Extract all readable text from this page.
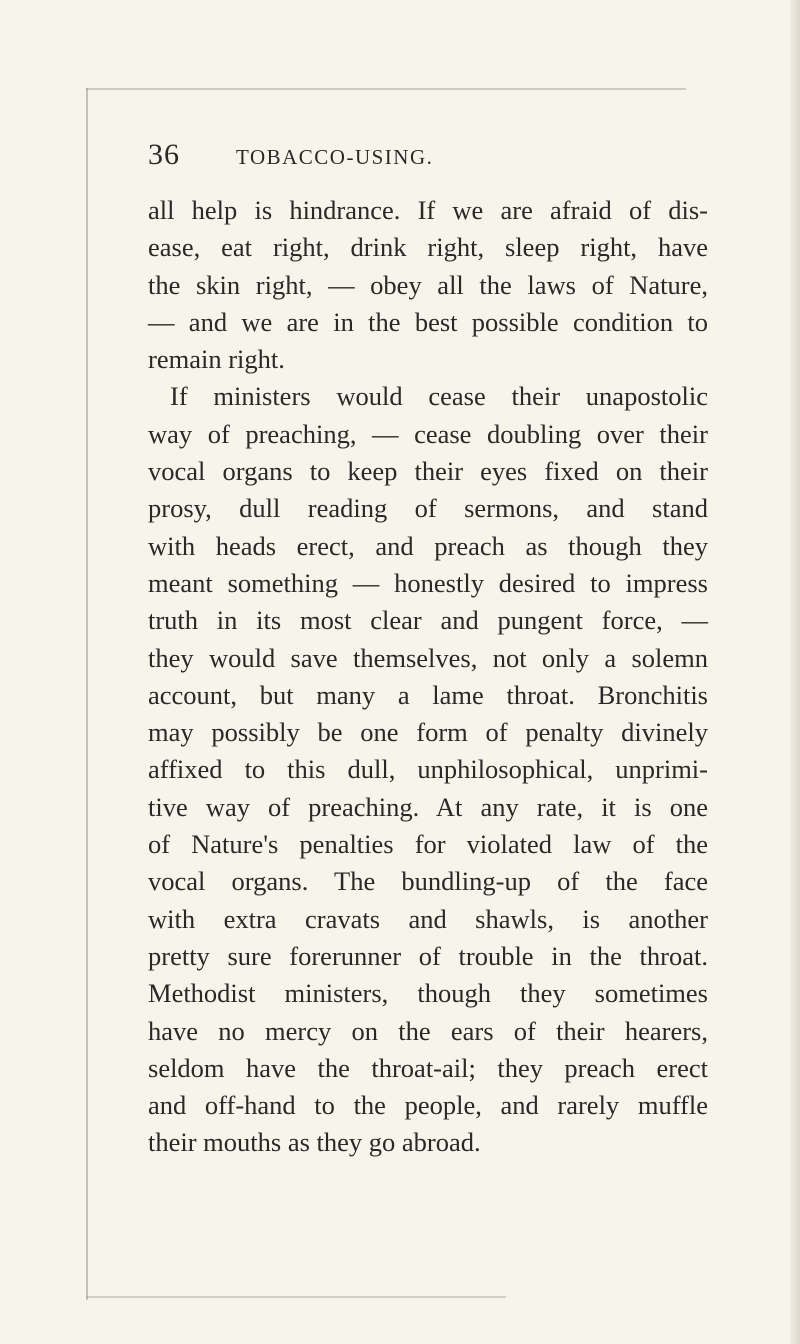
36	TOBACCO-USING.
all help is hindrance. If we are afraid of dis-
ease, eat right, drink right, sleep right, have
the skin right, — obey all the laws of Nature,
— and we are in the best possible condition to
remain right.
If ministers would cease their unapostolic
way of preaching, — cease doubling over their
vocal organs to keep their eyes fixed on their
prosy, dull reading of sermons, and stand
with heads erect, and preach as though they
meant something — honestly desired to impress
truth in its most clear and pungent force, —
they would save themselves, not only a solemn
account, but many a lame throat. Bronchitis
may possibly be one form of penalty divinely
affixed to this dull, unphilosophical, unprimi-
tive way of preaching. At any rate, it is one
of Nature's penalties for violated law of the
vocal organs. The bundling-up of the face
with extra cravats and shawls, is another
pretty sure forerunner of trouble in the throat.
Methodist ministers, though they sometimes
have no mercy on the ears of their hearers,
seldom have the throat-ail; they preach erect
and off-hand to the people, and rarely muffle
their mouths as they go abroad.
